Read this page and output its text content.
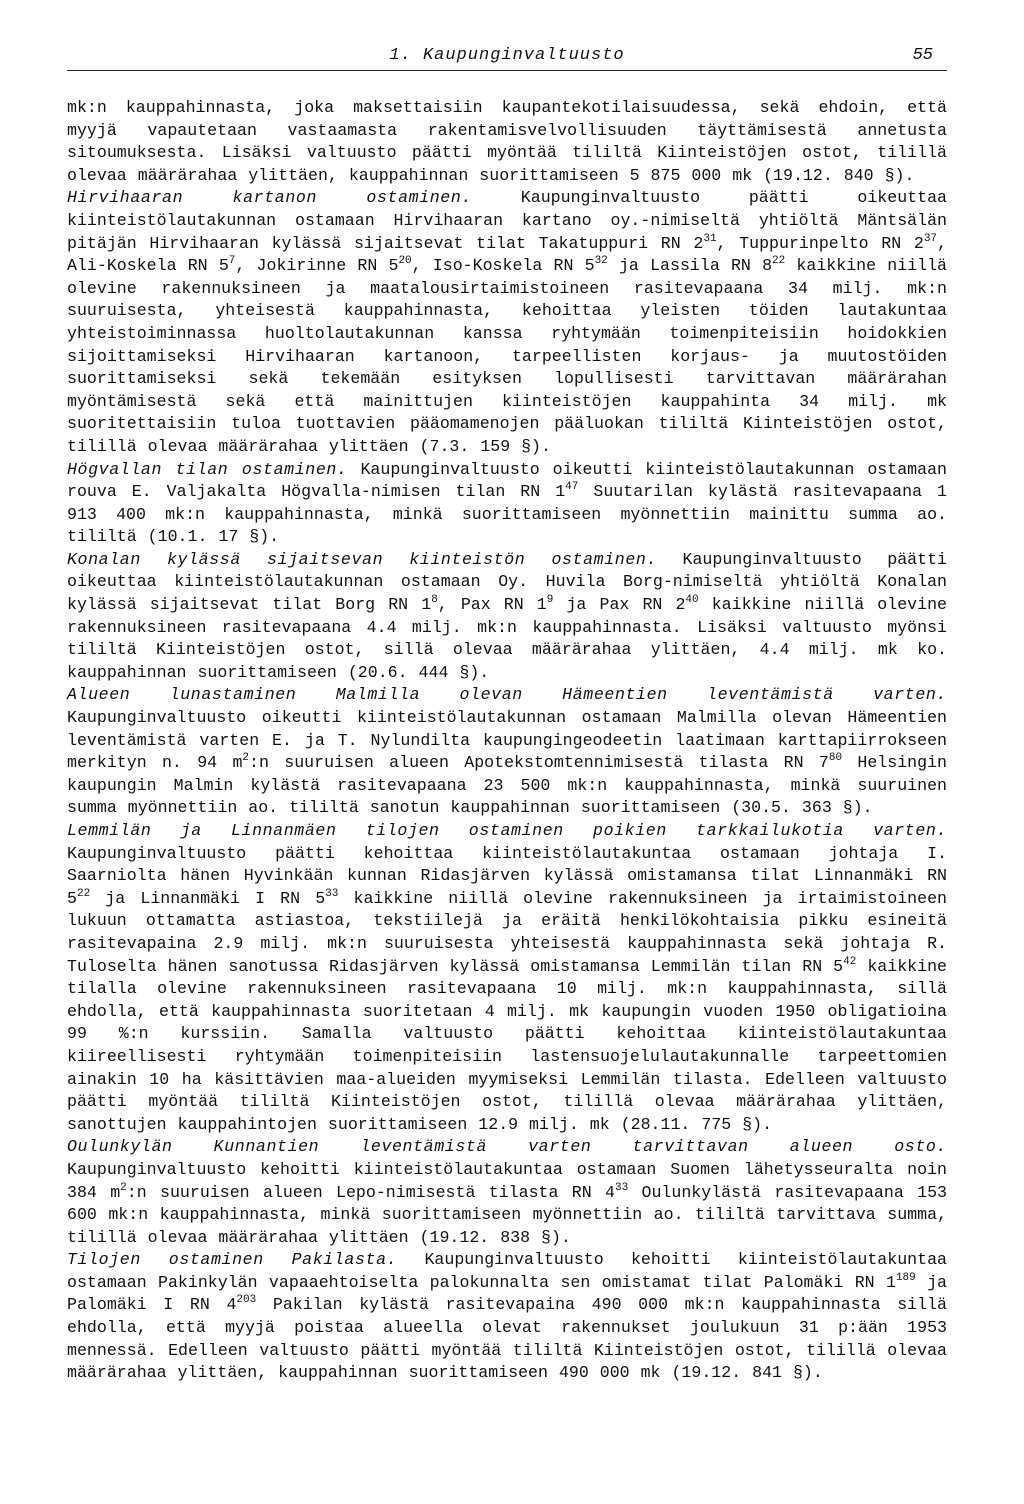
1. Kaupunginvaltuusto	55

mk:n kauppahinnasta, joka maksettaisiin kaupantekotilaisuudessa, sekä ehdoin, että myyjä vapautetaan vastaamasta rakentamisvelvollisuuden täyttämisestä annetusta sitoumuksesta. Lisäksi valtuusto päätti myöntää tililtä Kiinteistöjen ostot, tilillä olevaa määrärahaa ylittäen, kauppahinnan suorittamiseen 5 875 000 mk (19.12. 840 §).

Hirvihaaran kartanon ostaminen. Kaupunginvaltuusto päätti oikeuttaa kiinteistölautakunnan ostamaan Hirvihaaran kartano oy.-nimiseltä yhtiöltä Mäntsälän pitäjän Hirvihaaran kylässä sijaitsevat tilat Takatuppuri RN $2^{31}$, Tuppurinpelto RN $2^{37}$, Ali-Koskela RN $5^7$, Jokirinne RN $5^{20}$, Iso-Koskela RN $5^{32}$ ja Lassila RN $8^{22}$ kaikkine niillä olevine rakennuksineen ja maatalousirtaimistoineen rasitevapaana 34 milj. mk:n suuruisesta, yhteisestä kauppahinnasta, kehoittaa yleisten töiden lautakuntaa yhteistoiminnassa huoltolautakunnan kanssa ryhtymään toimenpiteisiin hoidokkien sijoittamiseksi Hirvihaaran kartanoon, tarpeellisten korjaus- ja muutostöiden suorittamiseksi sekä tekemään esityksen lopullisesti tarvittavan määrärahan myöntämisestä sekä että mainittujen kiinteistöjen kauppahinta 34 milj. mk suoritettaisiin tuloa tuottavien pääomamenojen pääluokan tililtä Kiinteistöjen ostot, tilillä olevaa määrärahaa ylittäen (7.3. 159 §).

Högvallan tilan ostaminen. Kaupunginvaltuusto oikeutti kiinteistölautakunnan ostamaan rouva E. Valjakalta Högvalla-nimisen tilan RN $1^{47}$ Suutarilan kylästä rasitevapaana 1 913 400 mk:n kauppahinnasta, minkä suorittamiseen myönnettiin mainittu summa ao. tililtä (10.1. 17 §).

Konalan kylässä sijaitsevan kiinteistön ostaminen. Kaupunginvaltuusto päätti oikeuttaa kiinteistölautakunnan ostamaan Oy. Huvila Borg-nimiseltä yhtiöltä Konalan kylässä sijaitsevat tilat Borg RN $1^8$, Pax RN $1^9$ ja Pax RN $2^{40}$ kaikkine niillä olevine rakennuksineen rasitevapaana 4.4 milj. mk:n kauppahinnasta. Lisäksi valtuusto myönsi tililtä Kiinteistöjen ostot, sillä olevaa määrärahaa ylittäen, 4.4 milj. mk ko. kauppahinnan suorittamiseen (20.6. 444 §).

Alueen lunastaminen Malmilla olevan Hämeentien leventämistä varten. Kaupunginvaltuusto oikeutti kiinteistölautakunnan ostamaan Malmilla olevan Hämeentien leventämistä varten E. ja T. Nylundilta kaupungingeodeetin laatimaan karttapiirrokseen merkityn n. 94 $m^2:n$ suuruisen alueen Apotekstomtennimisestä tilasta RN $7^{80}$ Helsingin kaupungin Malmin kylästä rasitevapaana 23 500 mk:n kauppahinnasta, minkä suuruinen summa myönnettiin ao. tililtä sanotun kauppahinnan suorittamiseen (30.5. 363 §).

Lemmilän ja Linnanmäen tilojen ostaminen poikien tarkkailukotia varten. Kaupunginvaltuusto päätti kehoittaa kiinteistölautakuntaa ostamaan johtaja I. Saarniolta hänen Hyvinkään kunnan Ridasjärven kylässä omistamansa tilat Linnanmäki RN $5^{22}$ ja Linnanmäki I RN $5^{33}$ kaikkine niillä olevine rakennuksineen ja irtaimistoineen lukuun ottamatta astiastoa, tekstiilejä ja eräitä henkilökohtaisia pikku esineitä rasitevapaina 2.9 milj. mk:n suuruisesta yhteisestä kauppahinnasta sekä johtaja R. Tuloselta hänen sanotussa Ridasjärven kylässä omistamansa Lemmilän tilan RN $5^{42}$ kaikkine tilalla olevine rakennuksineen rasitevapaana 10 milj. mk:n kauppahinnasta, sillä ehdolla, että kauppahinnasta suoritetaan 4 milj. mk kaupungin vuoden 1950 obligatioina 99 %:n kurssiin. Samalla valtuusto päätti kehoittaa kiinteistölautakuntaa kiireellisesti ryhtymään toimenpiteisiin lastensuojelulautakunnalle tarpeettomien ainakin 10 ha käsittävien maa-alueiden myymiseksi Lemmilän tilasta. Edelleen valtuusto päätti myöntää tililtä Kiinteistöjen ostot, tilillä olevaa määrärahaa ylittäen, sanottujen kauppahintojen suorittamiseen 12.9 milj. mk (28.11. 775 §).

Oulunkylän Kunnantien leventämistä varten tarvittavan alueen osto. Kaupunginvaltuusto kehoitti kiinteistölautakuntaa ostamaan Suomen lähetysseuralta noin 384 $m^2:n$ suuruisen alueen Lepo-nimisestä tilasta RN $4^{33}$ Oulunkylästä rasitevapaana 153 600 mk:n kauppahinnasta, minkä suorittamiseen myönnettiin ao. tililtä tarvittava summa, tilillä olevaa määrärahaa ylittäen (19.12. 838 §).

Tilojen ostaminen Pakilasta. Kaupunginvaltuusto kehoitti kiinteistölautakuntaa ostamaan Pakinkylän vapaaehtoiselta palokunnalta sen omistamat tilat Palomäki RN $1^{189}$ ja Palomäki I RN $4^{203}$ Pakilan kylästä rasitevapaina 490 000 mk:n kauppahinnasta sillä ehdolla, että myyjä poistaa alueella olevat rakennukset joulukuun 31 p:ään 1953 mennessä. Edelleen valtuusto päätti myöntää tililtä Kiinteistöjen ostot, tilillä olevaa määrärahaa ylittäen, kauppahinnan suorittamiseen 490 000 mk (19.12. 841 §).
